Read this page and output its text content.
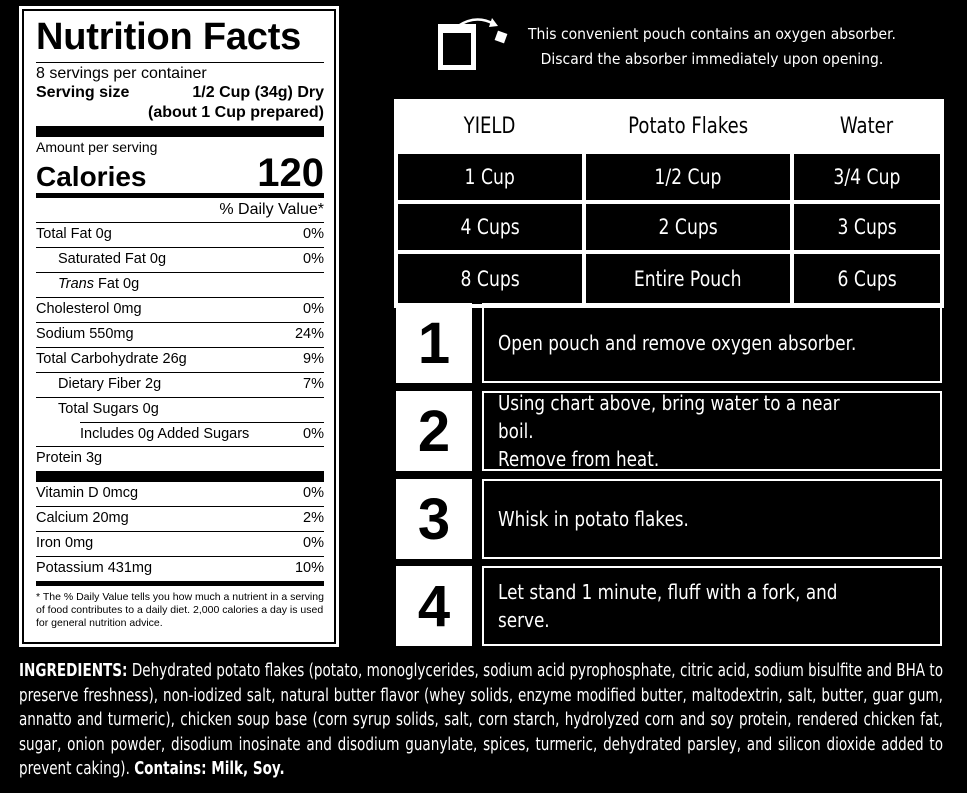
Nutrition Facts
8 servings per container
Serving size	1/2 Cup (34g) Dry
(about 1 Cup prepared)
Amount per serving
Calories	120
% Daily Value*
Total Fat 0g	0%
Saturated Fat 0g	0%
Trans Fat 0g
Cholesterol 0mg	0%
Sodium 550mg	24%
Total Carbohydrate 26g	9%
Dietary Fiber 2g	7%
Total Sugars 0g
Includes 0g Added Sugars	0%
Protein 3g
Vitamin D 0mcg	0%
Calcium 20mg	2%
Iron 0mg	0%
Potassium 431mg	10%
* The % Daily Value tells you how much a nutrient in a serving of food contributes to a daily diet. 2,000 calories a day is used for general nutrition advice.
This convenient pouch contains an oxygen absorber.
Discard the absorber immediately upon opening.
YIELD	Potato Flakes	Water
1 Cup	1/2 Cup	3/4 Cup
4 Cups	2 Cups	3 Cups
8 Cups	Entire Pouch	6 Cups
1	Open pouch and remove oxygen absorber.
2	Using chart above, bring water to a near boil.
Remove from heat.
3	Whisk in potato flakes.
4	Let stand 1 minute, fluff with a fork, and serve.
INGREDIENTS: Dehydrated potato flakes (potato, monoglycerides, sodium acid pyrophosphate, citric acid, sodium bisulfite and BHA to preserve freshness), non-iodized salt, natural butter flavor (whey solids, enzyme modified butter, maltodextrin, salt, butter, guar gum, annatto and turmeric), chicken soup base (corn syrup solids, salt, corn starch, hydrolyzed corn and soy protein, rendered chicken fat, sugar, onion powder, disodium inosinate and disodium guanylate, spices, turmeric, dehydrated parsley, and silicon dioxide added to prevent caking). Contains: Milk, Soy.
